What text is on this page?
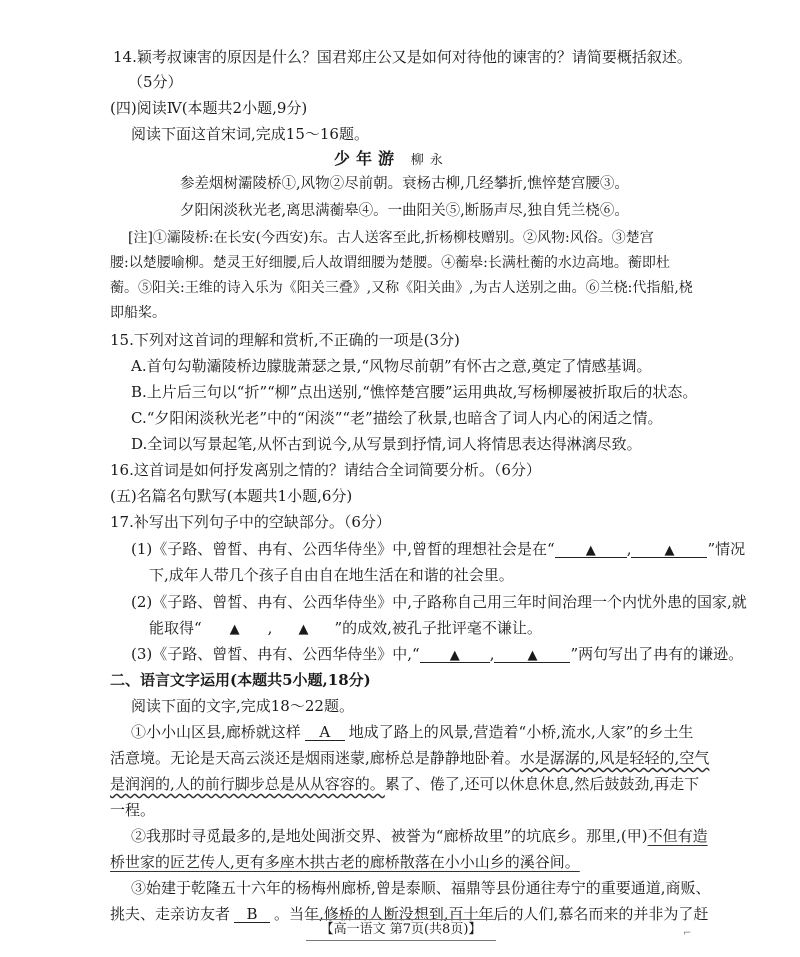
14.颖考叔谏害的原因是什么？国君郑庄公又是如何对待他的谏害的？请简要概括叙述。
（5分）
(四)阅读Ⅳ(本题共2小题,9分)
阅读下面这首宋词,完成15～16题。
少年游 柳永
参差烟树灞陵桥①,风物②尽前朝。衰杨古柳,几经攀折,憔悴楚宫腰③。
夕阳闲淡秋光老,离思满蘅皋④。一曲阳关⑤,断肠声尽,独自凭兰桡⑥。
[注]①灞陵桥:在长安(今西安)东。古人送客至此,折杨柳枝赠别。②风物:风俗。③楚宫
腰:以楚腰喻柳。楚灵王好细腰,后人故谓细腰为楚腰。④蘅皋:长满杜蘅的水边高地。蘅即杜
蘅。⑤阳关:王维的诗入乐为《阳关三叠》,又称《阳关曲》,为古人送别之曲。⑥兰桡:代指船,桡
即船桨。
15.下列对这首词的理解和赏析,不正确的一项是(3分)
A.首句勾勒灞陵桥边朦胧萧瑟之景,“风物尽前朝”有怀古之意,奠定了情感基调。
B.上片后三句以“折”“柳”点出送别,“憔悴楚宫腰”运用典故,写杨柳屡被折取后的状态。
C.“夕阳闲淡秋光老”中的“闲淡”“老”描绘了秋景,也暗含了词人内心的闲适之情。
D.全词以写景起笔,从怀古到说今,从写景到抒情,词人将情思表达得淋漓尽致。
16.这首词是如何抒发离别之情的？请结合全词简要分析。（6分）
(五)名篇名句默写(本题共1小题,6分)
17.补写出下列句子中的空缺部分。（6分）
(1)《子路、曾皙、冉有、公西华侍坐》中,曾皙的理想社会是在“ ▲ ,	▲ ”情况
下,成年人带几个孩子自由自在地生活在和谐的社会里。
(2)《子路、曾皙、冉有、公西华侍坐》中,子路称自己用三年时间治理一个内忧外患的国家,就
能取得“ ▲ , ▲ ”的成效,被孔子批评毫不谦让。
(3)《子路、曾皙、冉有、公西华侍坐》中,“ ▲ ,	▲ ”两句写出了冉有的谦逊。
二、语言文字运用(本题共5小题,18分)
阅读下面的文字,完成18～22题。
①小小山区县,廊桥就这样 A 地成了路上的风景,营造着“小桥,流水,人家”的乡土生
活意境。无论是天高云淡还是烟雨迷蒙,廊桥总是静静地卧着。水是潺潺的,风是轻轻的,空气
是润润的,人的前行脚步总是从从容容的。累了、倦了,还可以休息休息,然后鼓鼓劲,再走下
一程。
②我那时寻觅最多的,是地处闽浙交界、被誉为“廊桥故里”的坑底乡。那里,(甲)不但有造
桥世家的匠艺传人,更有多座木拱古老的廊桥散落在小小山乡的溪谷间。
③始建于乾隆五十六年的杨梅州廊桥,曾是泰顺、福鼎等县份通往寿宁的重要通道,商贩、
挑夫、走亲访友者 B 。当年,修桥的人断没想到,百十年后的人们,慕名而来的并非为了赶
【高一语文 第7页(共8页)】	⌐
